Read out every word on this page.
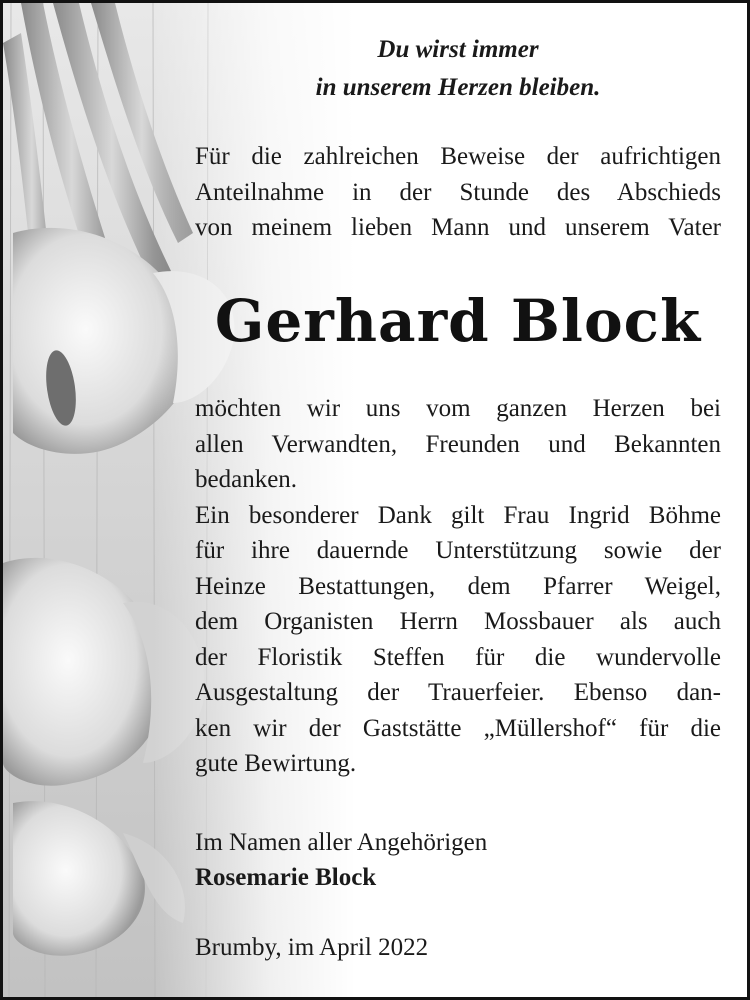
Du wirst immer
in unserem Herzen bleiben.
Für die zahlreichen Beweise der aufrichtigen
Anteilnahme in der Stunde des Abschieds
von meinem lieben Mann und unserem Vater
Gerhard Block
möchten wir uns vom ganzen Herzen bei
allen Verwandten, Freunden und Bekannten
bedanken.
Ein besonderer Dank gilt Frau Ingrid Böhme
für ihre dauernde Unterstützung sowie der
Heinze Bestattungen, dem Pfarrer Weigel,
dem Organisten Herrn Mossbauer als auch
der Floristik Steffen für die wundervolle
Ausgestaltung der Trauerfeier. Ebenso dan-
ken wir der Gaststätte „Müllershof“ für die
gute Bewirtung.
Im Namen aller Angehörigen
Rosemarie Block
Brumby, im April 2022
